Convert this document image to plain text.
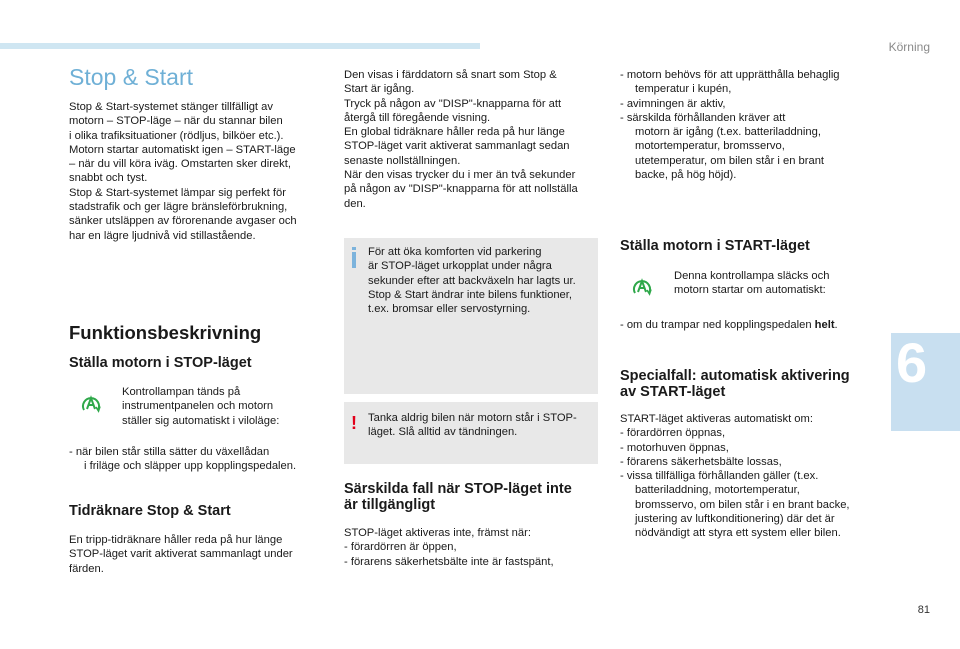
Körning
6
81
Stop & Start

Stop & Start-systemet stänger tillfälligt av

motorn – STOP-läge – när du stannar bilen

i olika trafiksituationer (rödljus, bilköer etc.).

Motorn startar automatiskt igen – START-läge

– när du vill köra iväg. Omstarten sker direkt,

snabbt och tyst.

Stop & Start-systemet lämpar sig perfekt för

stadstrafik och ger lägre bränsleförbrukning,

sänker utsläppen av förorenande avgaser och

har en lägre ljudnivå vid stillastående.

Funktionsbeskrivning
Ställa motorn i STOP-läget

Kontrollampan tänds på

instrumentpanelen och motorn

ställer sig automatiskt i viloläge:

- när bilen står stilla sätter du växellådan

i friläge och släpper upp kopplingspedalen.

Tidräknare Stop & Start

En tripp-tidräknare håller reda på hur länge

STOP-läget varit aktiverat sammanlagt under

färden.

Den visas i färddatorn så snart som Stop &

Start är igång.

Tryck på någon av "DISP"-knapparna för att

återgå till föregående visning.

En global tidräknare håller reda på hur länge

STOP-läget varit aktiverat sammanlagt sedan

senaste nollställningen.

När den visas trycker du i mer än två sekunder

på någon av "DISP"-knapparna för att nollställa

den.

För att öka komforten vid parkering

är STOP-läget urkopplat under några

sekunder efter att backväxeln har lagts ur.

Stop & Start ändrar inte bilens funktioner,

t.ex. bromsar eller servostyrning.

! Tanka aldrig bilen när motorn står i STOP-

läget. Slå alltid av tändningen.

Särskilda fall när STOP-läget inte

är tillgängligt

STOP-läget aktiveras inte, främst när:

- förardörren är öppen,

- förarens säkerhetsbälte inte är fastspänt,

- motorn behövs för att upprätthålla behaglig

temperatur i kupén,

- avimningen är aktiv,

- särskilda förhållanden kräver att

motorn är igång (t.ex. batteriladdning,

motortemperatur, bromsservo,

utetemperatur, om bilen står i en brant

backe, på hög höjd).

Ställa motorn i START-läget

Denna kontrollampa släcks och

motorn startar om automatiskt:

- om du trampar ned kopplingspedalen helt.

Specialfall: automatisk aktivering

av START-läget

START-läget aktiveras automatiskt om:

- förardörren öppnas,

- motorhuven öppnas,

- förarens säkerhetsbälte lossas,

- vissa tillfälliga förhållanden gäller (t.ex.

batteriladdning, motortemperatur,

bromsservo, om bilen står i en brant backe,

justering av luftkonditionering) där det är

nödvändigt att styra ett system eller bilen.
